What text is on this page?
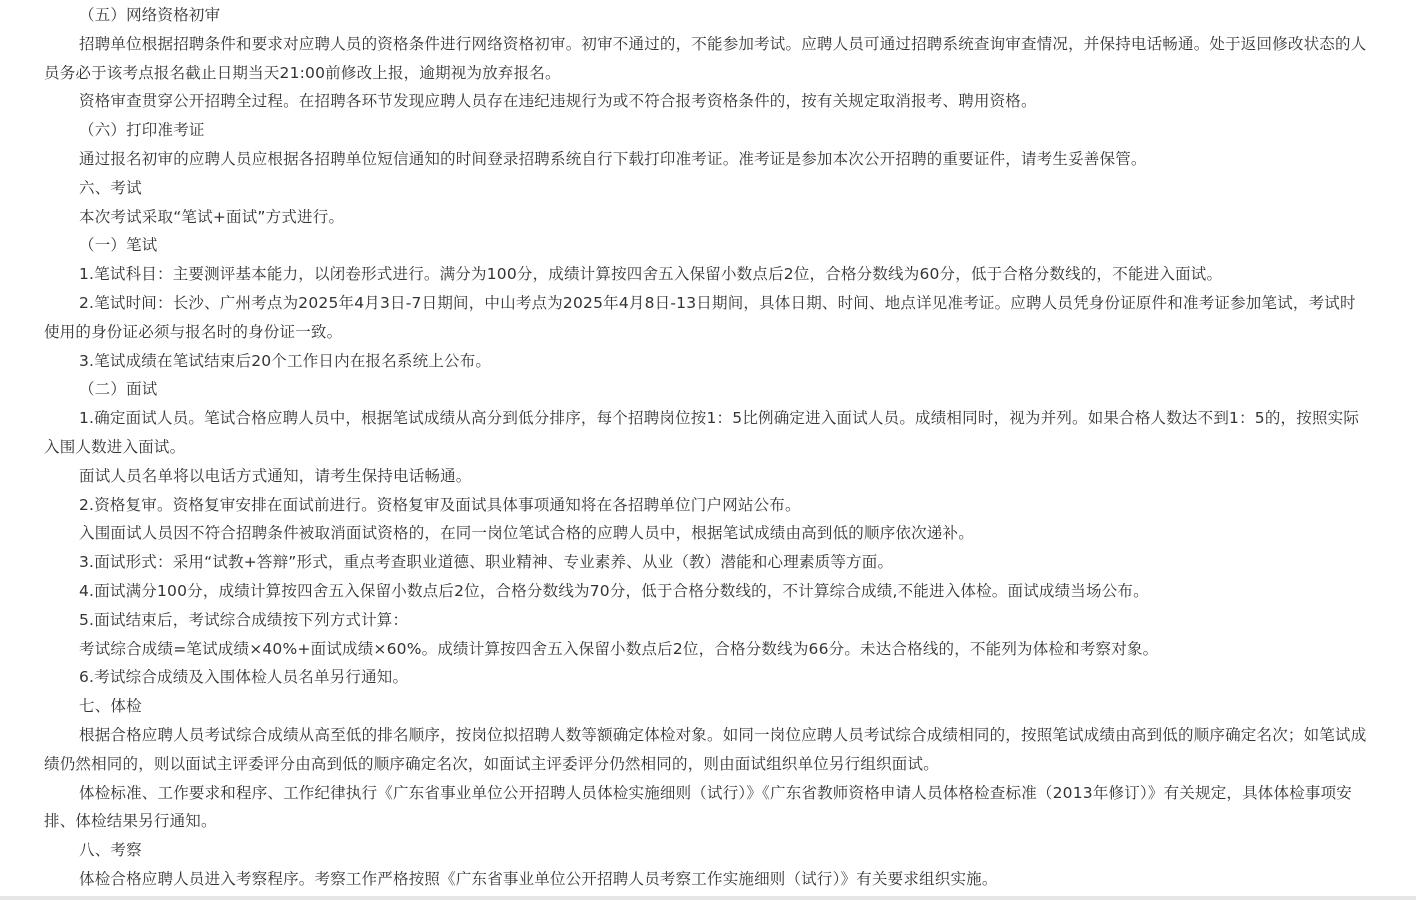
（五）网络资格初审

招聘单位根据招聘条件和要求对应聘人员的资格条件进行网络资格初审。初审不通过的，不能参加考试。应聘人员可通过招聘系统查询审查情况，并保持电话畅通。处于返回修改状态的人员务必于该考点报名截止日期当天21:00前修改上报，逾期视为放弃报名。

资格审查贯穿公开招聘全过程。在招聘各环节发现应聘人员存在违纪违规行为或不符合报考资格条件的，按有关规定取消报考、聘用资格。

（六）打印准考证

通过报名初审的应聘人员应根据各招聘单位短信通知的时间登录招聘系统自行下载打印准考证。准考证是参加本次公开招聘的重要证件，请考生妥善保管。

六、考试

本次考试采取“笔试+面试”方式进行。

（一）笔试

1.笔试科目：主要测评基本能力，以闭卷形式进行。满分为100分，成绩计算按四舍五入保留小数点后2位，合格分数线为60分，低于合格分数线的，不能进入面试。

2.笔试时间：长沙、广州考点为2025年4月3日-7日期间，中山考点为2025年4月8日-13日期间，具体日期、时间、地点详见准考证。应聘人员凭身份证原件和准考证参加笔试，考试时使用的身份证必须与报名时的身份证一致。

3.笔试成绩在笔试结束后20个工作日内在报名系统上公布。

（二）面试

1.确定面试人员。笔试合格应聘人员中，根据笔试成绩从高分到低分排序，每个招聘岗位按1：5比例确定进入面试人员。成绩相同时，视为并列。如果合格人数达不到1：5的，按照实际入围人数进入面试。

面试人员名单将以电话方式通知，请考生保持电话畅通。

2.资格复审。资格复审安排在面试前进行。资格复审及面试具体事项通知将在各招聘单位门户网站公布。

入围面试人员因不符合招聘条件被取消面试资格的，在同一岗位笔试合格的应聘人员中，根据笔试成绩由高到低的顺序依次递补。

3.面试形式：采用“试教+答辩”形式，重点考查职业道德、职业精神、专业素养、从业（教）潜能和心理素质等方面。

4.面试满分100分，成绩计算按四舍五入保留小数点后2位，合格分数线为70分，低于合格分数线的，不计算综合成绩,不能进入体检。面试成绩当场公布。

5.面试结束后，考试综合成绩按下列方式计算：

考试综合成绩=笔试成绩×40%+面试成绩×60%。成绩计算按四舍五入保留小数点后2位，合格分数线为66分。未达合格线的，不能列为体检和考察对象。

6.考试综合成绩及入围体检人员名单另行通知。

七、体检

根据合格应聘人员考试综合成绩从高至低的排名顺序，按岗位拟招聘人数等额确定体检对象。如同一岗位应聘人员考试综合成绩相同的，按照笔试成绩由高到低的顺序确定名次；如笔试成绩仍然相同的，则以面试主评委评分由高到低的顺序确定名次，如面试主评委评分仍然相同的，则由面试组织单位另行组织面试。

体检标准、工作要求和程序、工作纪律执行《广东省事业单位公开招聘人员体检实施细则（试行）》《广东省教师资格申请人员体格检查标准（2013年修订）》有关规定，具体体检事项安排、体检结果另行通知。

八、考察

体检合格应聘人员进入考察程序。考察工作严格按照《广东省事业单位公开招聘人员考察工作实施细则（试行）》有关要求组织实施。
